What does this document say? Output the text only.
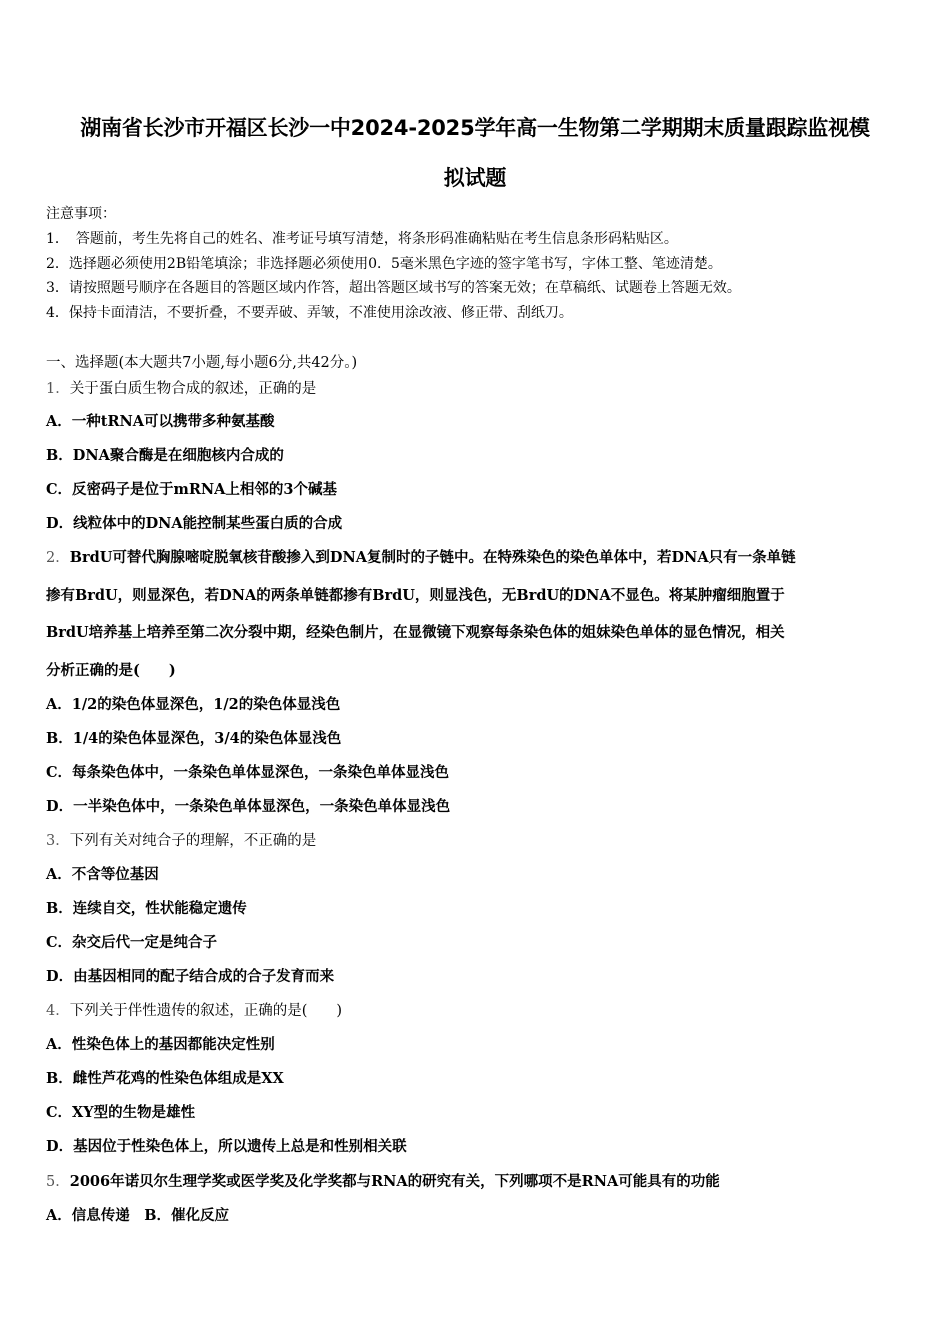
湖南省长沙市开福区长沙一中2024-2025学年高一生物第二学期期末质量跟踪监视模
拟试题
注意事项：
1．　答题前，考生先将自己的姓名、准考证号填写清楚，将条形码准确粘贴在考生信息条形码粘贴区。
2．选择题必须使用2B铅笔填涂；非选择题必须使用0．5毫米黑色字迹的签字笔书写，字体工整、笔迹清楚。
3．请按照题号顺序在各题目的答题区域内作答，超出答题区域书写的答案无效；在草稿纸、试题卷上答题无效。
4．保持卡面清洁，不要折叠，不要弄破、弄皱，不准使用涂改液、修正带、刮纸刀。
一、选择题(本大题共7小题,每小题6分,共42分。)
1．关于蛋白质生物合成的叙述，正确的是
A．一种tRNA可以携带多种氨基酸
B．DNA聚合酶是在细胞核内合成的
C．反密码子是位于mRNA上相邻的3个碱基
D．线粒体中的DNA能控制某些蛋白质的合成
2．BrdU可替代胸腺嘧啶脱氧核苷酸掺入到DNA复制时的子链中。在特殊染色的染色单体中，若DNA只有一条单链
掺有BrdU，则显深色，若DNA的两条单链都掺有BrdU，则显浅色，无BrdU的DNA不显色。将某肿瘤细胞置于
BrdU培养基上培养至第二次分裂中期，经染色制片，在显微镜下观察每条染色体的姐妹染色单体的显色情况，相关
分析正确的是(　　)
A．1/2的染色体显深色，1/2的染色体显浅色
B．1/4的染色体显深色，3/4的染色体显浅色
C．每条染色体中，一条染色单体显深色，一条染色单体显浅色
D．一半染色体中，一条染色单体显深色，一条染色单体显浅色
3．下列有关对纯合子的理解，不正确的是
A．不含等位基因
B．连续自交，性状能稳定遗传
C．杂交后代一定是纯合子
D．由基因相同的配子结合成的合子发育而来
4．下列关于伴性遗传的叙述，正确的是(　　)
A．性染色体上的基因都能决定性别
B．雌性芦花鸡的性染色体组成是XX
C．XY型的生物是雄性
D．基因位于性染色体上，所以遗传上总是和性别相关联
5．2006年诺贝尔生理学奖或医学奖及化学奖都与RNA的研究有关，下列哪项不是RNA可能具有的功能
A．信息传递　B．催化反应
